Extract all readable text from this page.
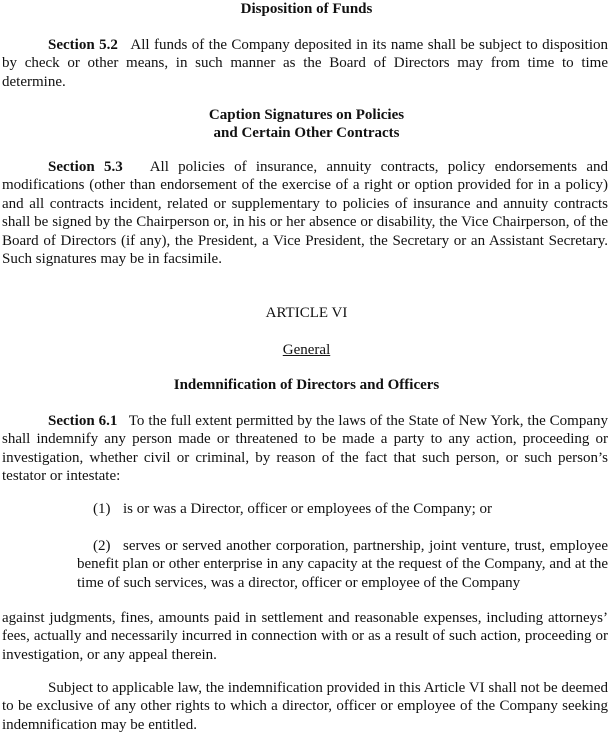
Disposition of Funds

Section 5.2 All funds of the Company deposited in its name shall be subject to disposition by check or other means, in such manner as the Board of Directors may from time to time determine.

Caption Signatures on Policies
and Certain Other Contracts

Section 5.3 All policies of insurance, annuity contracts, policy endorsements and modifications (other than endorsement of the exercise of a right or option provided for in a policy) and all contracts incident, related or supplementary to policies of insurance and annuity contracts shall be signed by the Chairperson or, in his or her absence or disability, the Vice Chairperson, of the Board of Directors (if any), the President, a Vice President, the Secretary or an Assistant Secretary. Such signatures may be in facsimile.

ARTICLE VI
General
Indemnification of Directors and Officers

Section 6.1 To the full extent permitted by the laws of the State of New York, the Company shall indemnify any person made or threatened to be made a party to any action, proceeding or investigation, whether civil or criminal, by reason of the fact that such person, or such person’s testator or intestate:

(1) is or was a Director, officer or employees of the Company; or

(2) serves or served another corporation, partnership, joint venture, trust, employee benefit plan or other enterprise in any capacity at the request of the Company, and at the time of such services, was a director, officer or employee of the Company

against judgments, fines, amounts paid in settlement and reasonable expenses, including attorneys’ fees, actually and necessarily incurred in connection with or as a result of such action, proceeding or investigation, or any appeal therein.

Subject to applicable law, the indemnification provided in this Article VI shall not be deemed to be exclusive of any other rights to which a director, officer or employee of the Company seeking indemnification may be entitled.
